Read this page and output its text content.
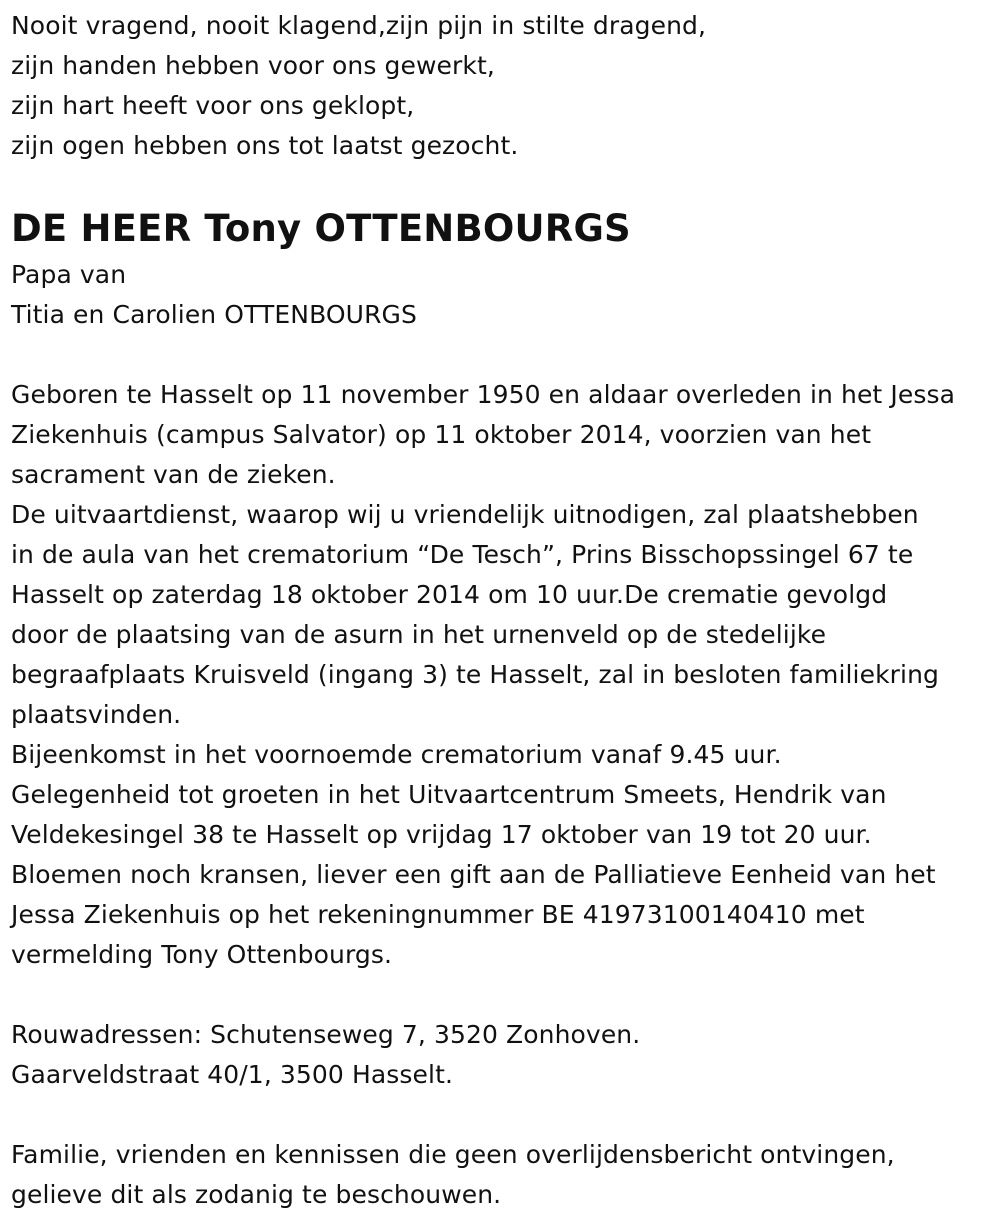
Nooit vragend, nooit klagend,zijn pijn in stilte dragend,
zijn handen hebben voor ons gewerkt,
zijn hart heeft voor ons geklopt,
zijn ogen hebben ons tot laatst gezocht.
DE HEER Tony OTTENBOURGS
Papa van
Titia en Carolien OTTENBOURGS
Geboren te Hasselt op 11 november 1950 en aldaar overleden in het Jessa
Ziekenhuis (campus Salvator) op 11 oktober 2014, voorzien van het
sacrament van de zieken.
De uitvaartdienst, waarop wij u vriendelijk uitnodigen, zal plaatshebben
in de aula van het crematorium “De Tesch”, Prins Bisschopssingel 67 te
Hasselt op zaterdag 18 oktober 2014 om 10 uur.De crematie gevolgd
door de plaatsing van de asurn in het urnenveld op de stedelijke
begraafplaats Kruisveld (ingang 3) te Hasselt, zal in besloten familiekring
plaatsvinden.
Bijeenkomst in het voornoemde crematorium vanaf 9.45 uur.
Gelegenheid tot groeten in het Uitvaartcentrum Smeets, Hendrik van
Veldekesingel 38 te Hasselt op vrijdag 17 oktober van 19 tot 20 uur.
Bloemen noch kransen, liever een gift aan de Palliatieve Eenheid van het
Jessa Ziekenhuis op het rekeningnummer BE 41973100140410 met
vermelding Tony Ottenbourgs.
Rouwadressen: Schutenseweg 7, 3520 Zonhoven.
Gaarveldstraat 40/1, 3500 Hasselt.
Familie, vrienden en kennissen die geen overlijdensbericht ontvingen,
gelieve dit als zodanig te beschouwen.
